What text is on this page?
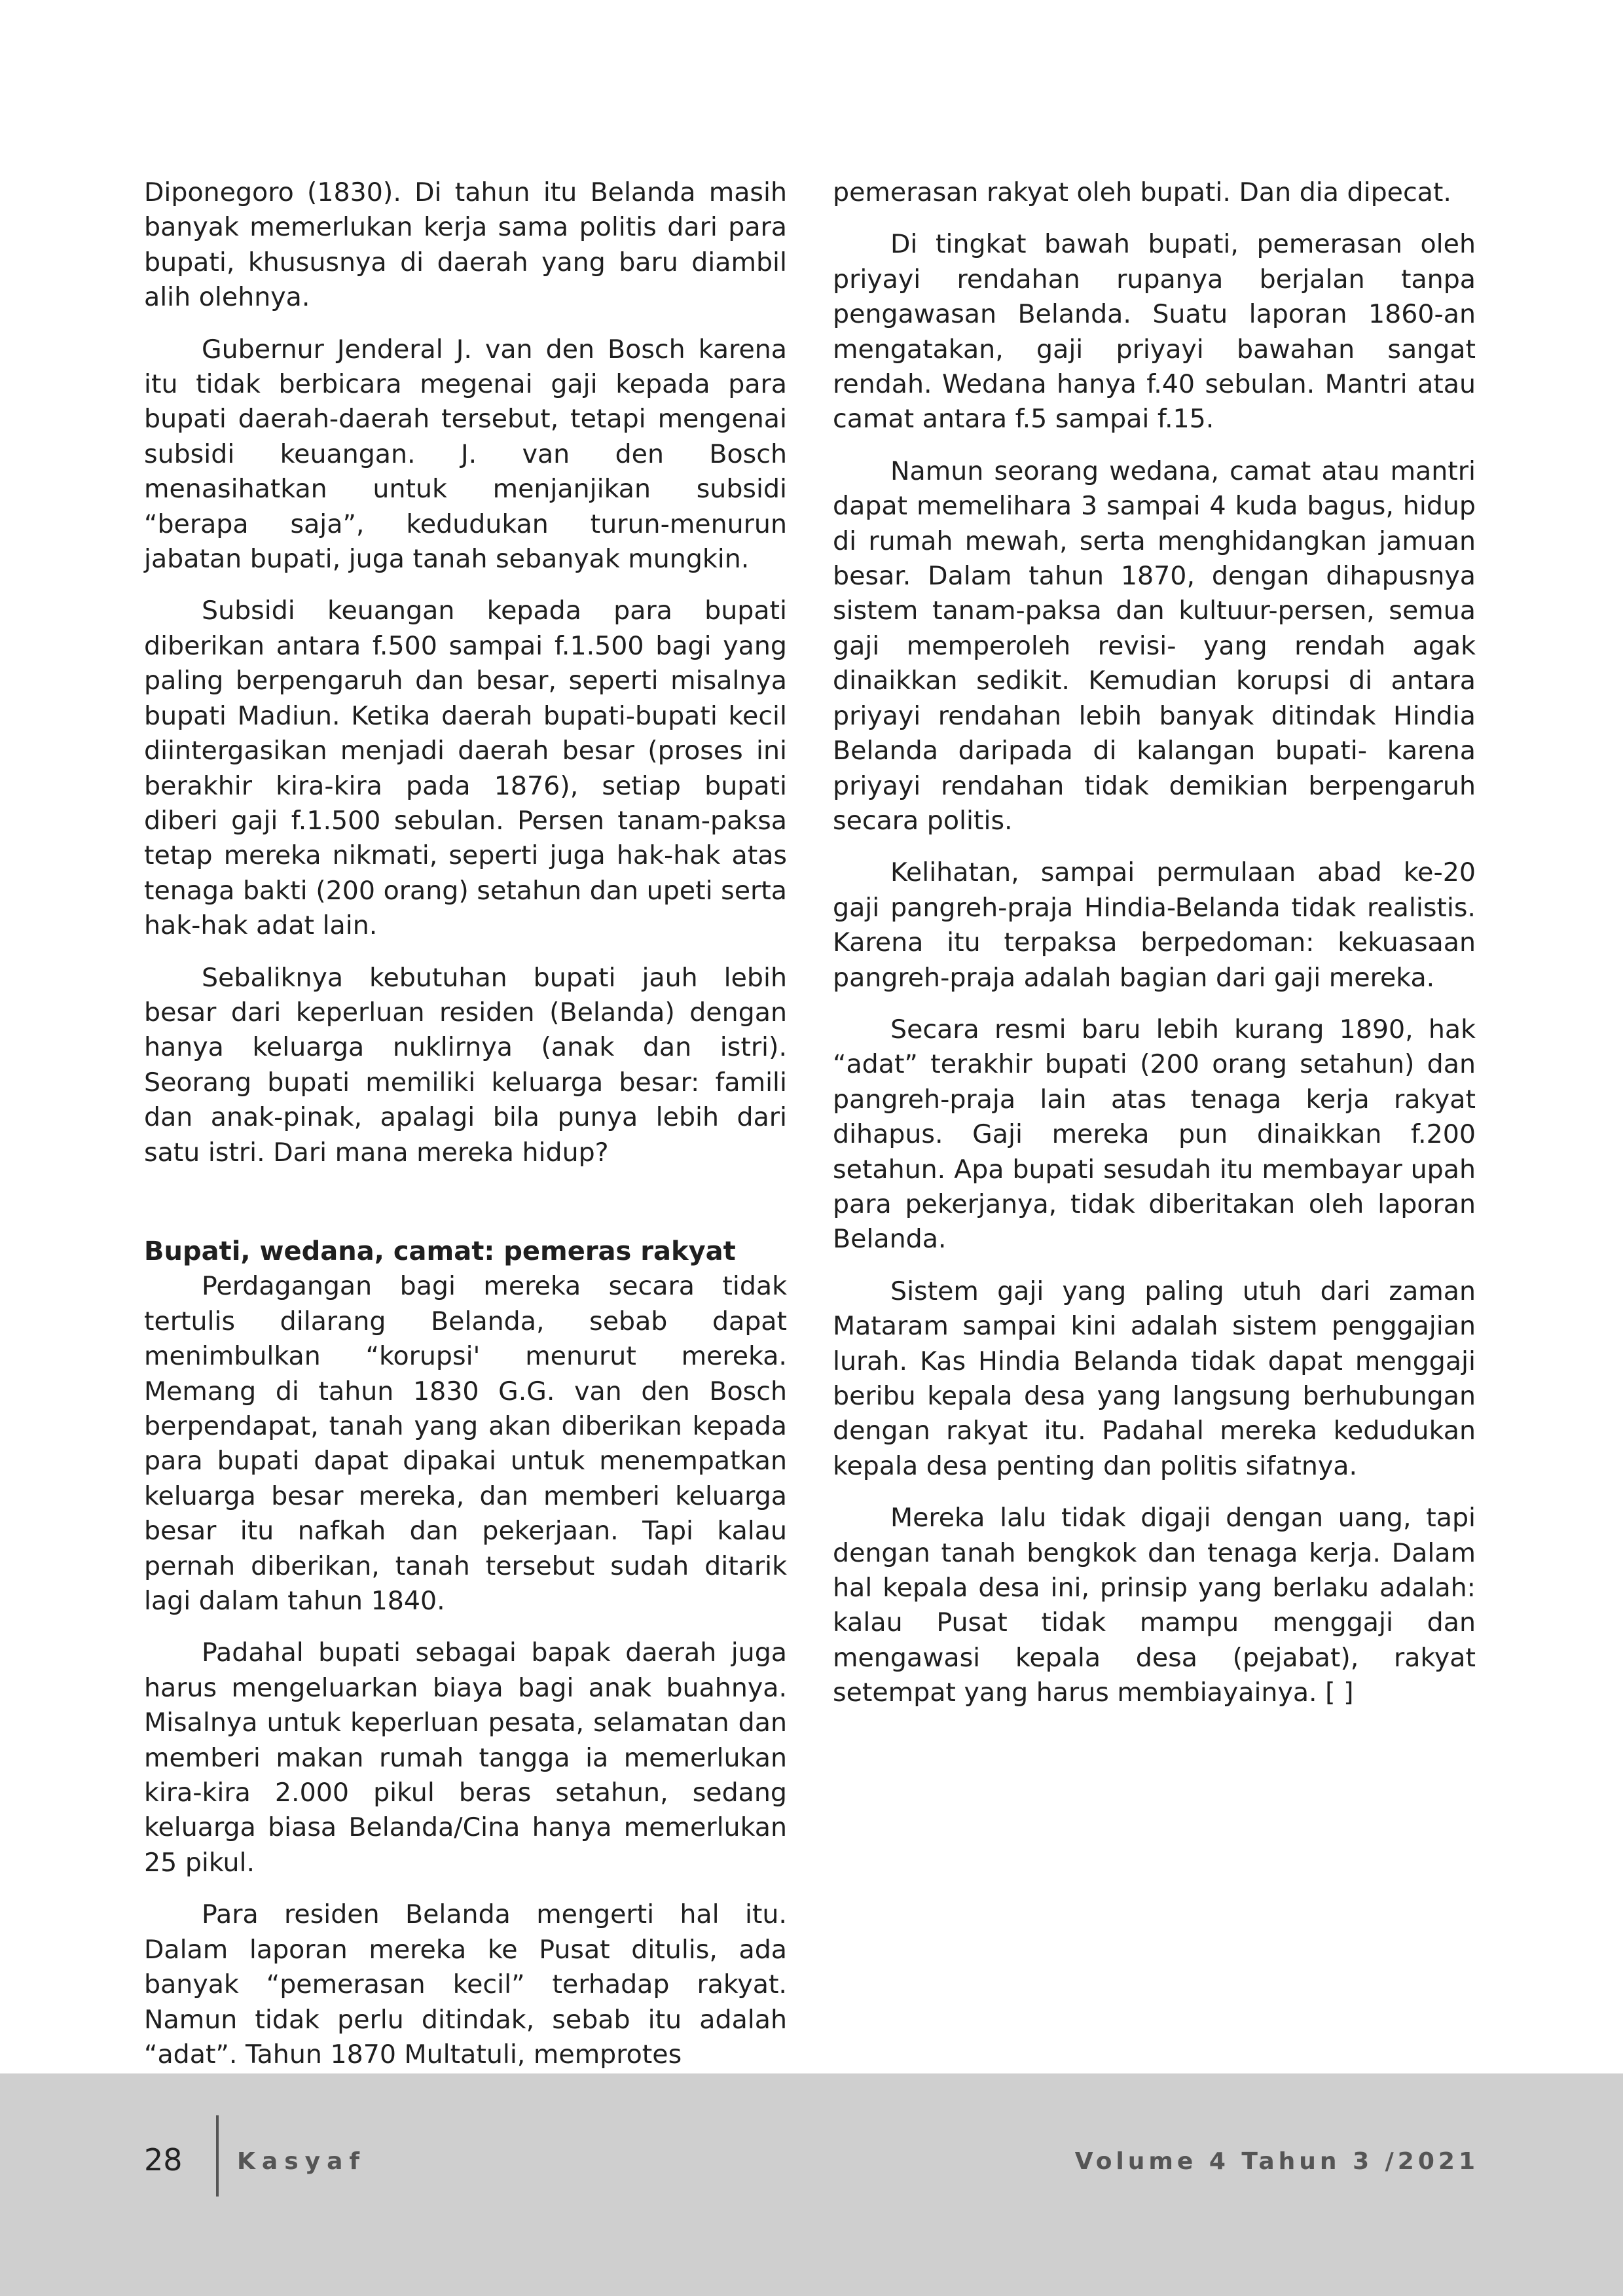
Diponegoro (1830). Di tahun itu Belanda masih banyak memerlukan kerja sama politis dari para bupati, khususnya di daerah yang baru diambil alih olehnya.

Gubernur Jenderal J. van den Bosch karena itu tidak berbicara megenai gaji kepada para bupati daerah-daerah tersebut, tetapi mengenai subsidi keuangan. J. van den Bosch menasihatkan untuk menjanjikan subsidi “berapa saja”, kedudukan turun-menurun jabatan bupati, juga tanah sebanyak mungkin.

Subsidi keuangan kepada para bupati diberikan antara f.500 sampai f.1.500 bagi yang paling berpengaruh dan besar, seperti misalnya bupati Madiun. Ketika daerah bupati-bupati kecil diintergasikan menjadi daerah besar (proses ini berakhir kira-kira pada 1876), setiap bupati diberi gaji f.1.500 sebulan. Persen tanam-paksa tetap mereka nikmati, seperti juga hak-hak atas tenaga bakti (200 orang) setahun dan upeti serta hak-hak adat lain.

Sebaliknya kebutuhan bupati jauh lebih besar dari keperluan residen (Belanda) dengan hanya keluarga nuklirnya (anak dan istri). Seorang bupati memiliki keluarga besar: famili dan anak-pinak, apalagi bila punya lebih dari satu istri. Dari mana mereka hidup?

Bupati, wedana, camat: pemeras rakyat

Perdagangan bagi mereka secara tidak tertulis dilarang Belanda, sebab dapat menimbulkan “korupsi' menurut mereka. Memang di tahun 1830 G.G. van den Bosch berpendapat, tanah yang akan diberikan kepada para bupati dapat dipakai untuk menempatkan keluarga besar mereka, dan memberi keluarga besar itu nafkah dan pekerjaan. Tapi kalau pernah diberikan, tanah tersebut sudah ditarik lagi dalam tahun 1840.

Padahal bupati sebagai bapak daerah juga harus mengeluarkan biaya bagi anak buahnya. Misalnya untuk keperluan pesata, selamatan dan memberi makan rumah tangga ia memerlukan kira-kira 2.000 pikul beras setahun, sedang keluarga biasa Belanda/Cina hanya memerlukan 25 pikul.

Para residen Belanda mengerti hal itu. Dalam laporan mereka ke Pusat ditulis, ada banyak “pemerasan kecil” terhadap rakyat. Namun tidak perlu ditindak, sebab itu adalah “adat”. Tahun 1870 Multatuli, memprotes

pemerasan rakyat oleh bupati. Dan dia dipecat.

Di tingkat bawah bupati, pemerasan oleh priyayi rendahan rupanya berjalan tanpa pengawasan Belanda. Suatu laporan 1860-an mengatakan, gaji priyayi bawahan sangat rendah. Wedana hanya f.40 sebulan. Mantri atau camat antara f.5 sampai f.15.

Namun seorang wedana, camat atau mantri dapat memelihara 3 sampai 4 kuda bagus, hidup di rumah mewah, serta menghidangkan jamuan besar. Dalam tahun 1870, dengan dihapusnya sistem tanam-paksa dan kultuur-persen, semua gaji memperoleh revisi- yang rendah agak dinaikkan sedikit. Kemudian korupsi di antara priyayi rendahan lebih banyak ditindak Hindia Belanda daripada di kalangan bupati- karena priyayi rendahan tidak demikian berpengaruh secara politis.

Kelihatan, sampai permulaan abad ke-20 gaji pangreh-praja Hindia-Belanda tidak realistis. Karena itu terpaksa berpedoman: kekuasaan pangreh-praja adalah bagian dari gaji mereka.

Secara resmi baru lebih kurang 1890, hak “adat” terakhir bupati (200 orang setahun) dan pangreh-praja lain atas tenaga kerja rakyat dihapus. Gaji mereka pun dinaikkan f.200 setahun. Apa bupati sesudah itu membayar upah para pekerjanya, tidak diberitakan oleh laporan Belanda.

Sistem gaji yang paling utuh dari zaman Mataram sampai kini adalah sistem penggajian lurah. Kas Hindia Belanda tidak dapat menggaji beribu kepala desa yang langsung berhubungan dengan rakyat itu. Padahal mereka kedudukan kepala desa penting dan politis sifatnya.

Mereka lalu tidak digaji dengan uang, tapi dengan tanah bengkok dan tenaga kerja. Dalam hal kepala desa ini, prinsip yang berlaku adalah: kalau Pusat tidak mampu menggaji dan mengawasi kepala desa (pejabat), rakyat setempat yang harus membiayainya. [ ]

28 Kasyaf	Volume 4 Tahun 3 /2021
